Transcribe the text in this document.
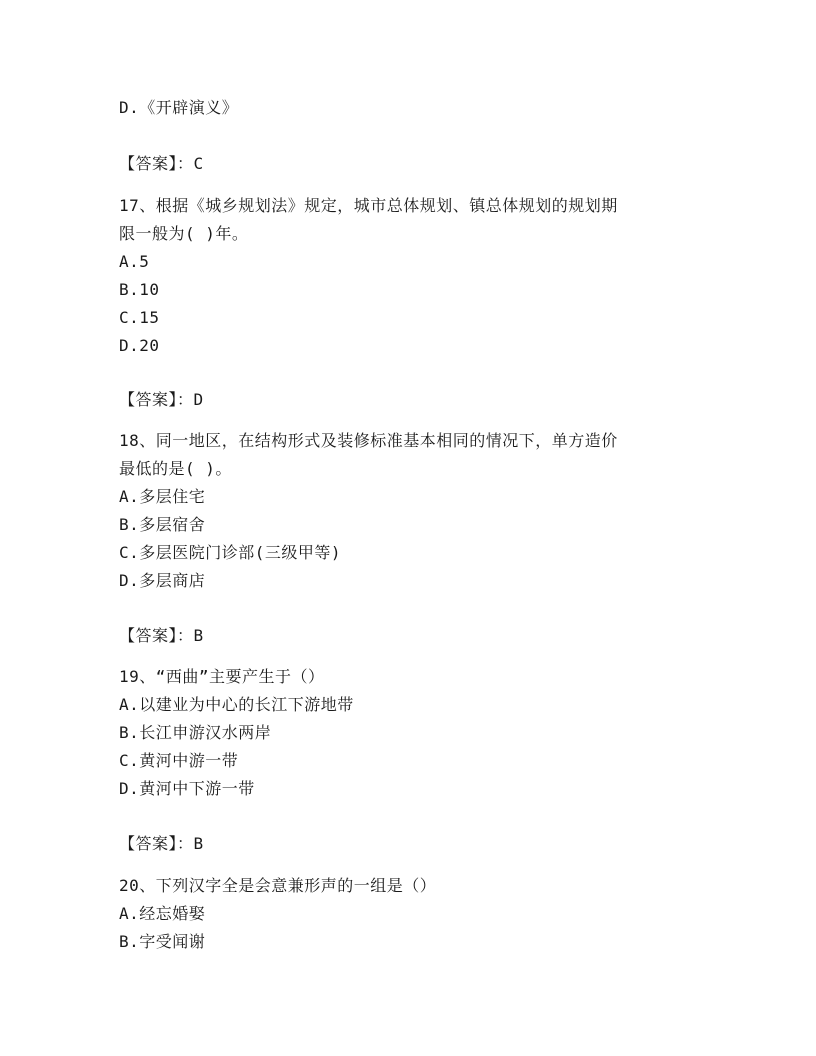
D.《开辟演义》
【答案】：C
17、根据《城乡规划法》规定，城市总体规划、镇总体规划的规划期
限一般为( )年。
A.5
B.10
C.15
D.20
【答案】：D
18、同一地区，在结构形式及装修标准基本相同的情况下，单方造价
最低的是( )。
A.多层住宅
B.多层宿舍
C.多层医院门诊部(三级甲等)
D.多层商店
【答案】：B
19、“西曲”主要产生于（）
A.以建业为中心的长江下游地带
B.长江申游汉水两岸
C.黄河中游一带
D.黄河中下游一带
【答案】：B
20、下列汉字全是会意兼形声的一组是（）
A.经忘婚娶
B.字受闻谢
